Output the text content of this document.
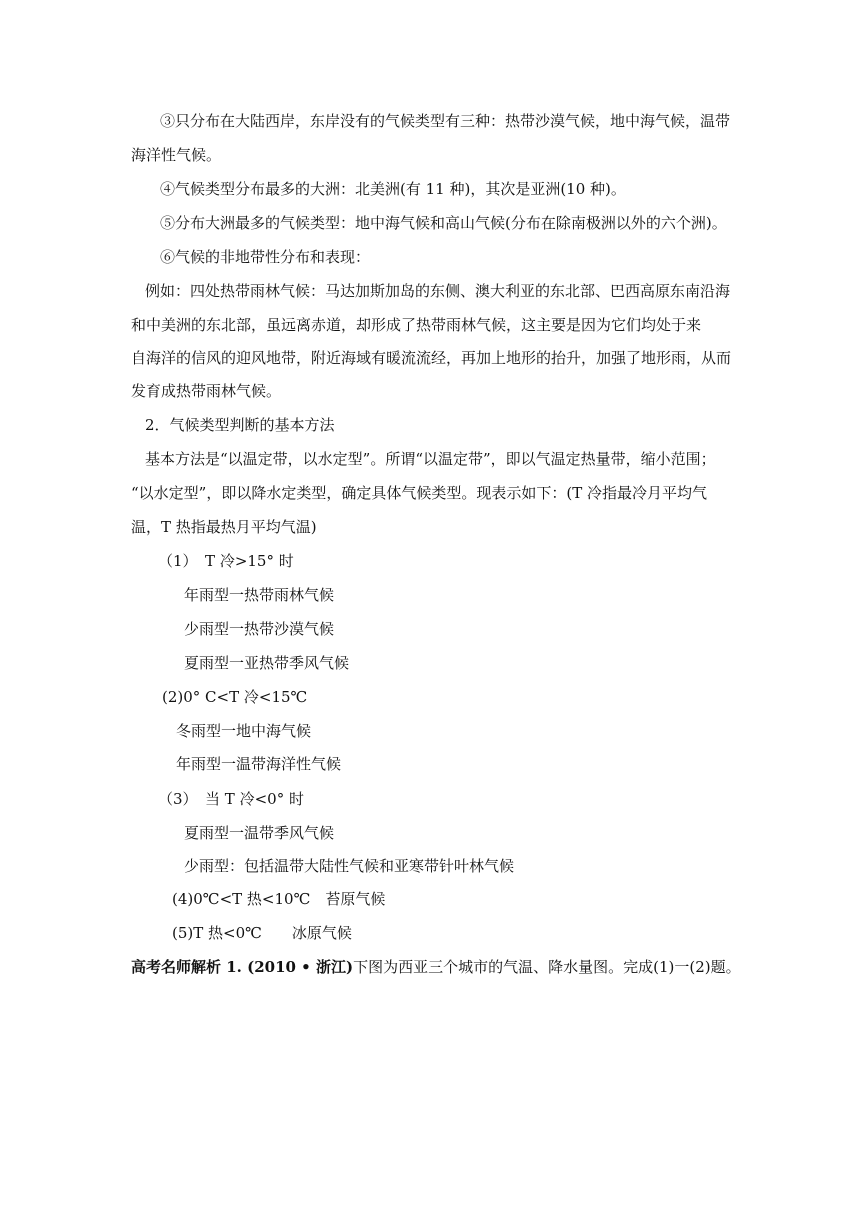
③只分布在大陆西岸，东岸没有的气候类型有三种：热带沙漠气候，地中海气候，温带
海洋性气候。
④气候类型分布最多的大洲：北美洲(有 11 种)，其次是亚洲(10 种)。
⑤分布大洲最多的气候类型：地中海气候和高山气候(分布在除南极洲以外的六个洲)。
⑥气候的非地带性分布和表现：
例如：四处热带雨林气候：马达加斯加岛的东侧、澳大利亚的东北部、巴西高原东南沿海
和中美洲的东北部，虽远离赤道，却形成了热带雨林气候，这主要是因为它们均处于来
自海洋的信风的迎风地带，附近海域有暖流流经，再加上地形的抬升，加强了地形雨，从而
发育成热带雨林气候。
2．气候类型判断的基本方法
基本方法是“以温定带，以水定型”。所谓“以温定带”，即以气温定热量带，缩小范围；
“以水定型”，即以降水定类型，确定具体气候类型。现表示如下：(T 冷指最冷月平均气
温，T 热指最热月平均气温)
（1）　T 冷>15° 时
年雨型一热带雨林气候
少雨型一热带沙漠气候
夏雨型一亚热带季风气候
(2)0° C<T 冷<15℃
冬雨型一地中海气候
年雨型一温带海洋性气候
（3）　当 T 冷<0° 时
夏雨型一温带季风气候
少雨型：包括温带大陆性气候和亚寒带针叶林气候
(4)0℃<T 热<10℃　苔原气候
(5)T 热<0℃　　冰原气候
高考名师解析 1. (2010 • 浙江)下图为西亚三个城市的气温、降水量图。完成(1)一(2)题。
